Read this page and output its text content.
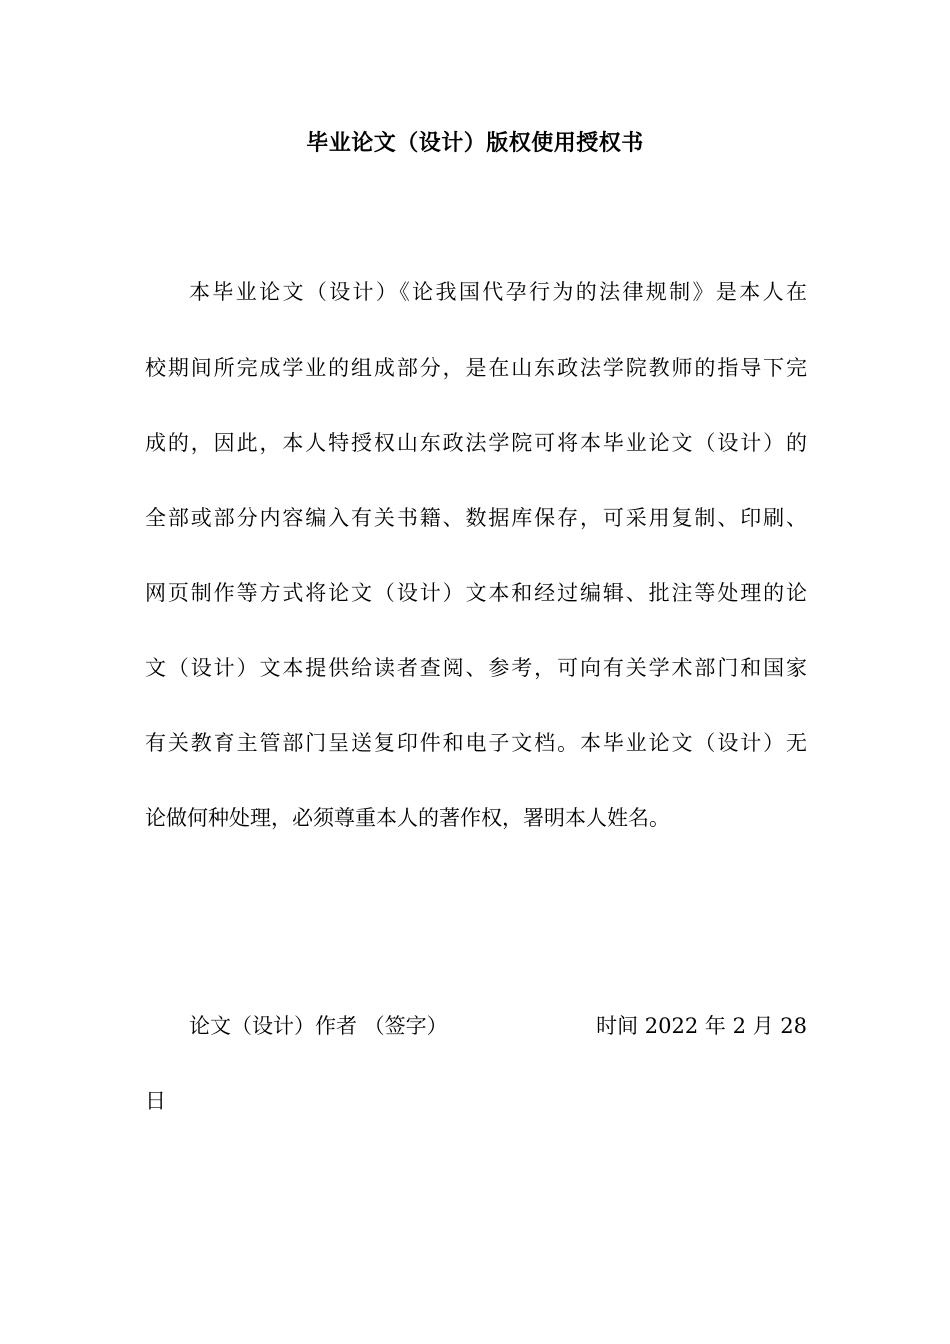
毕业论文（设计）版权使用授权书
本毕业论文（设计）《论我国代孕行为的法律规制》是本人在
校期间所完成学业的组成部分，是在山东政法学院教师的指导下完
成的，因此，本人特授权山东政法学院可将本毕业论文（设计）的
全部或部分内容编入有关书籍、数据库保存，可采用复制、印刷、
网页制作等方式将论文（设计）文本和经过编辑、批注等处理的论
文（设计）文本提供给读者查阅、参考，可向有关学术部门和国家
有关教育主管部门呈送复印件和电子文档。本毕业论文（设计）无
论做何种处理，必须尊重本人的著作权，署明本人姓名。
论文（设计）作者 （签字）	时间 2022 年 2 月 28
日
